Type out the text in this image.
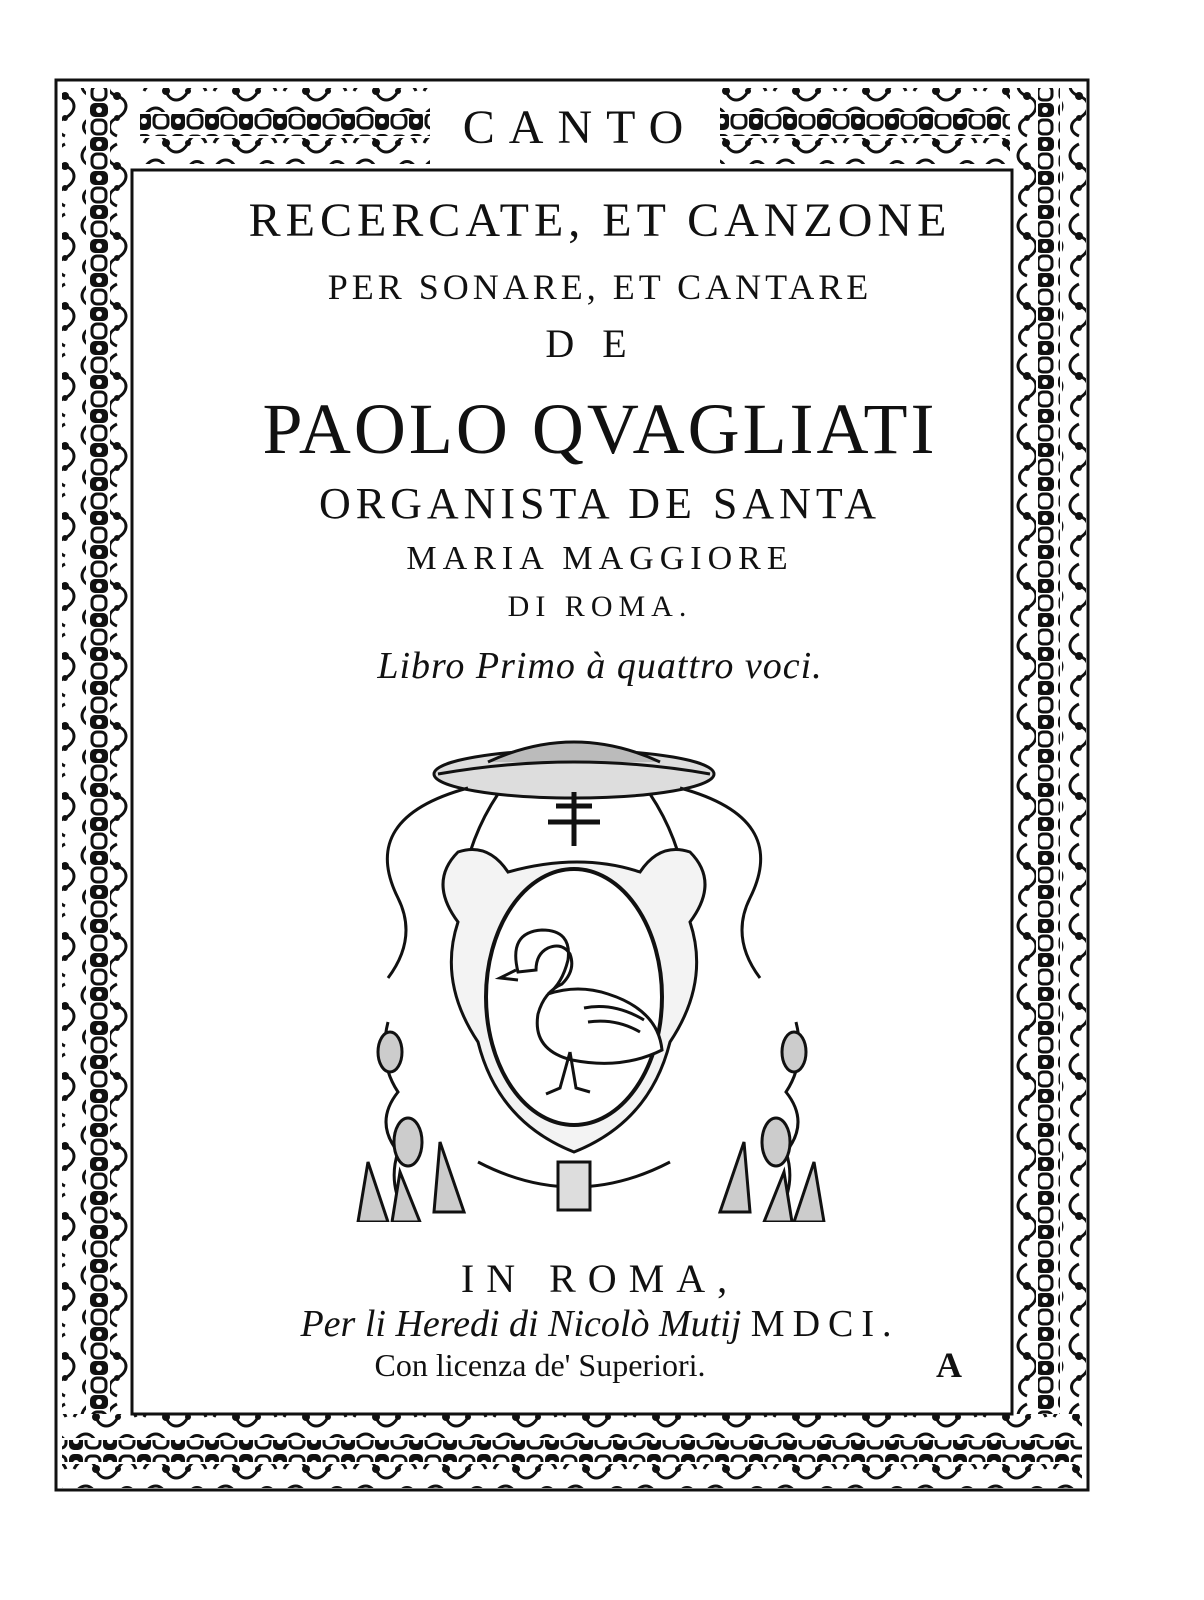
CANTO
RECERCATE, ET CANZONE
PER SONARE, ET CANTARE
DE
PAOLO QVAGLIATI
ORGANISTA DE SANTA
MARIA MAGGIORE
DI ROMA.
Libro Primo à quattro voci.
IN ROMA,
Per li Heredi di Nicolò Mutij MDCI.
Con licenza de' Superiori.	A
